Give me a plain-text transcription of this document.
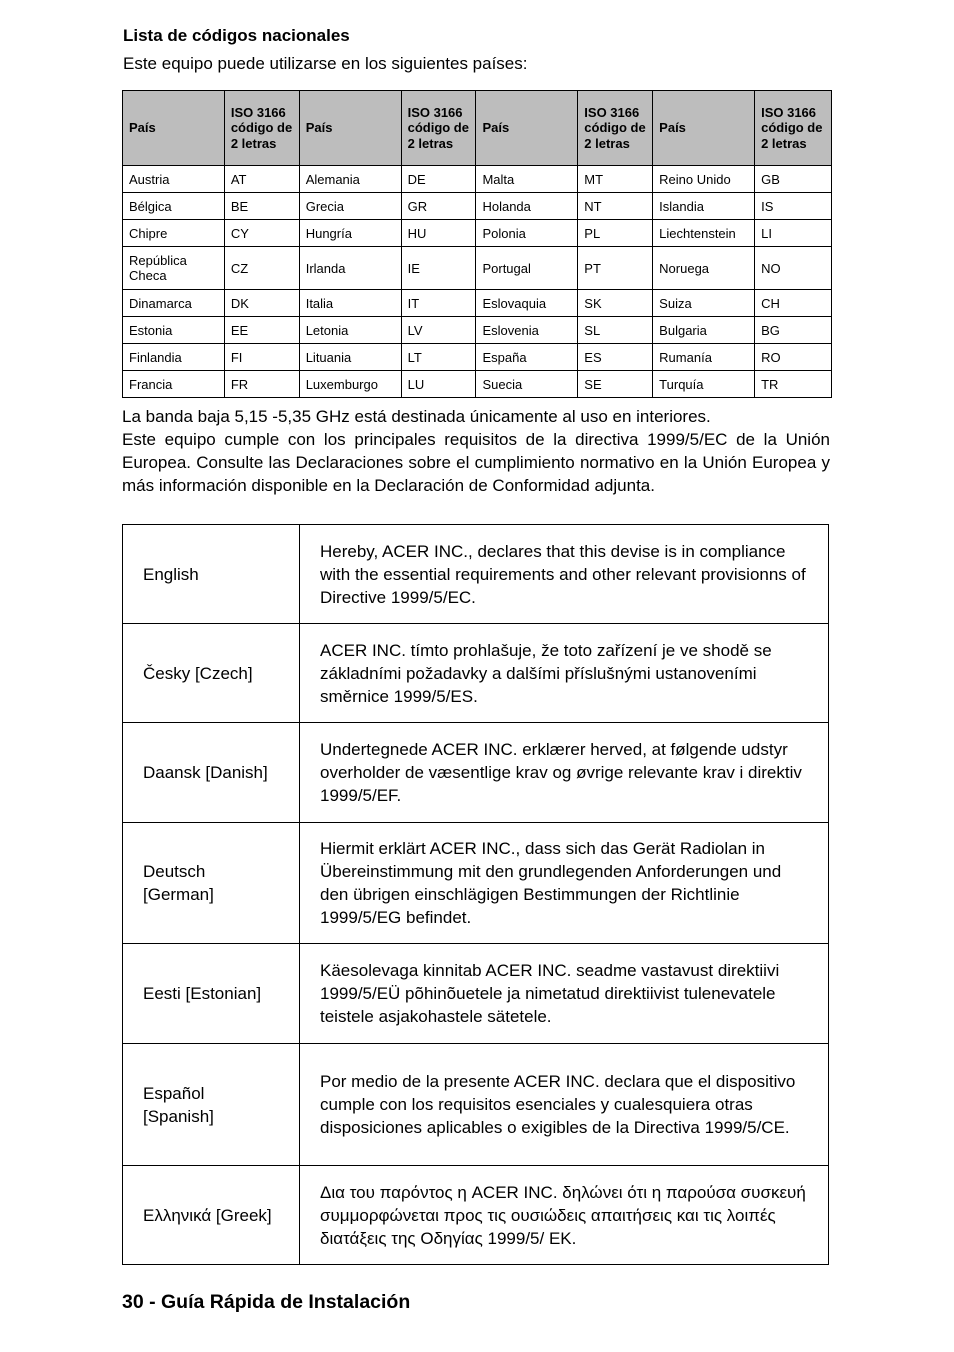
Lista de códigos nacionales
Este equipo puede utilizarse en los siguientes países:
País	ISO 3166 código de 2 letras	País	ISO 3166 código de 2 letras	País	ISO 3166 código de 2 letras	País	ISO 3166 código de 2 letras
Austria	AT	Alemania	DE	Malta	MT	Reino Unido	GB
Bélgica	BE	Grecia	GR	Holanda	NT	Islandia	IS
Chipre	CY	Hungría	HU	Polonia	PL	Liechtenstein	LI
República Checa	CZ	Irlanda	IE	Portugal	PT	Noruega	NO
Dinamarca	DK	Italia	IT	Eslovaquia	SK	Suiza	CH
Estonia	EE	Letonia	LV	Eslovenia	SL	Bulgaria	BG
Finlandia	FI	Lituania	LT	España	ES	Rumanía	RO
Francia	FR	Luxemburgo	LU	Suecia	SE	Turquía	TR

La banda baja 5,15 -5,35 GHz está destinada únicamente al uso en interiores.

Este equipo cumple con los principales requisitos de la directiva 1999/5/EC de la Unión Europea. Consulte las Declaraciones sobre el cumplimiento normativo en la Unión Europea y más información disponible en la Declaración de Conformidad adjunta.

English	Hereby, ACER INC., declares that this devise is in compliance with the essential requirements and other relevant provisionns of Directive 1999/5/EC.
Česky [Czech]	ACER INC. tímto prohlašuje, že toto zařízení je ve shodě se základními požadavky a dalšími příslušnými ustanoveními směrnice 1999/5/ES.
Daansk [Danish]	Undertegnede ACER INC. erklærer herved, at følgende udstyr overholder de væsentlige krav og øvrige relevante krav i direktiv 1999/5/EF.
Deutsch [German]	Hiermit erklärt ACER INC., dass sich das Gerät Radiolan in Übereinstimmung mit den grundlegenden Anforderungen und den übrigen einschlägigen Bestimmungen der Richtlinie 1999/5/EG befindet.
Eesti [Estonian]	Käesolevaga kinnitab ACER INC. seadme vastavust direktiivi 1999/5/EÜ põhinõuetele ja nimetatud direktiivist tulenevatele teistele asjakohastele sätetele.
Español [Spanish]	Por medio de la presente ACER INC. declara que el dispositivo cumple con los requisitos esenciales y cualesquiera otras disposiciones aplicables o exigibles de la Directiva 1999/5/CE.
Ελληνικά [Greek]	Δια του παρόντος η ACER INC. δηλώνει ότι η παρούσα συσκευή συμμορφώνεται προς τις ουσιώδεις απαιτήσεις και τις λοιπές διατάξεις της Οδηγίας 1999/5/ ΕΚ.
30 - Guía Rápida de Instalación
